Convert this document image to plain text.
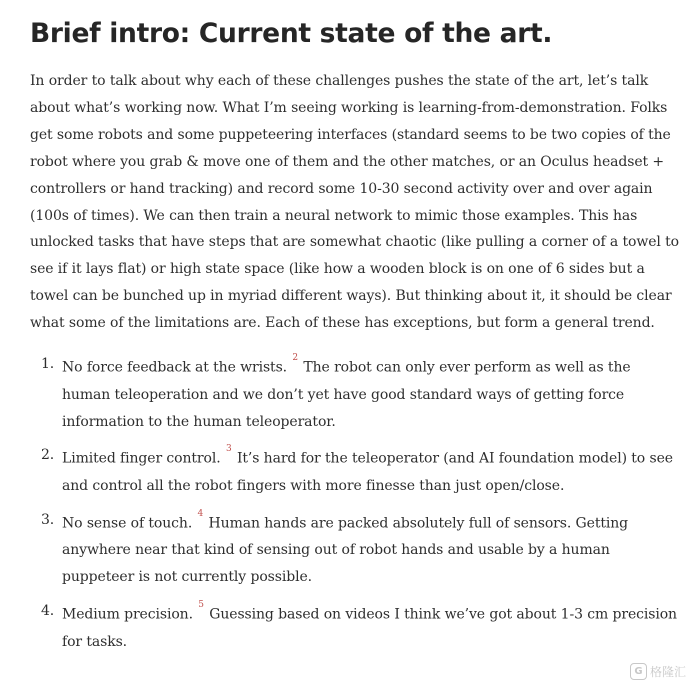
Brief intro: Current state of the art.

In order to talk about why each of these challenges pushes the state of the art, let’s talk about what’s working now. What I’m seeing working is learning-from-demonstration. Folks get some robots and some puppeteering interfaces (standard seems to be two copies of the robot where you grab & move one of them and the other matches, or an Oculus headset + controllers or hand tracking) and record some 10-30 second activity over and over again (100s of times). We can then train a neural network to mimic those examples. This has unlocked tasks that have steps that are somewhat chaotic (like pulling a corner of a towel to see if it lays flat) or high state space (like how a wooden block is on one of 6 sides but a towel can be bunched up in myriad different ways). But thinking about it, it should be clear what some of the limitations are. Each of these has exceptions, but form a general trend.

1. No force feedback at the wrists. $^2$ The robot can only ever perform as well as the human teleoperation and we don’t yet have good standard ways of getting force information to the human teleoperator.
2. Limited finger control. $^3$ It’s hard for the teleoperator (and AI foundation model) to see and control all the robot fingers with more finesse than just open/close.
3. No sense of touch. $^4$ Human hands are packed absolutely full of sensors. Getting anywhere near that kind of sensing out of robot hands and usable by a human puppeteer is not currently possible.
4. Medium precision. $^5$ Guessing based on videos I think we’ve got about 1-3 cm precision for tasks.
G 格隆汇
